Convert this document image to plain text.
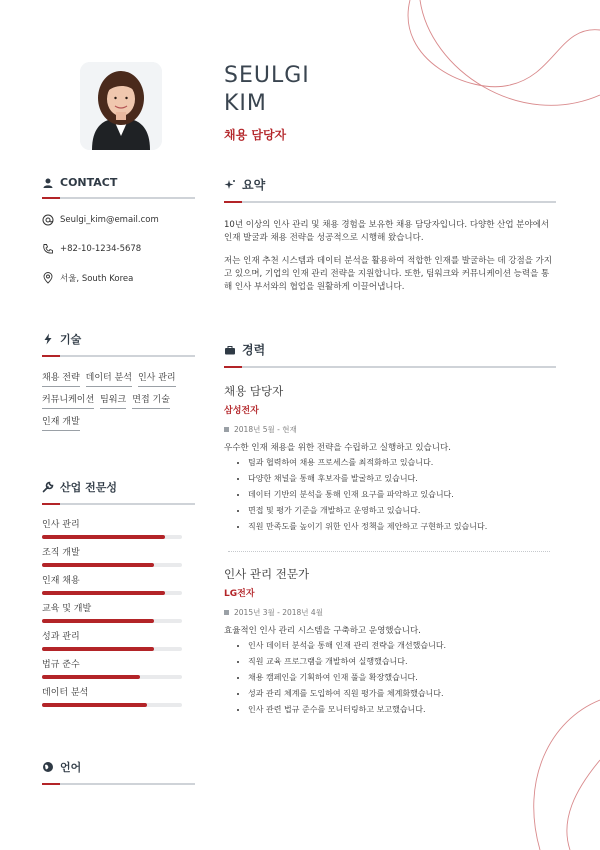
SEULGI
KIM
채용 담당자
CONTACT
Seulgi_kim@email.com
+82-10-1234-5678
서울, South Korea
기술
채용 전략 데이터 분석 인사 관리
커뮤니케이션 팀워크 면접 기술
인재 개발
산업 전문성
인사 관리
조직 개발
인재 채용
교육 및 개발
성과 관리
법규 준수
데이터 분석
언어
요약

10년 이상의 인사 관리 및 채용 경험을 보유한 채용 담당자입니다. 다양한 산업 분야에서 인재 발굴과 채용 전략을 성공적으로 시행해 왔습니다.

저는 인재 추천 시스템과 데이터 분석을 활용하여 적합한 인재를 발굴하는 데 강점을 가지고 있으며, 기업의 인재 관리 전략을 지원합니다. 또한, 팀워크와 커뮤니케이션 능력을 통해 인사 부서와의 협업을 원활하게 이끌어냅니다.

경력
채용 담당자
삼성전자
2018년 5월 - 현재
우수한 인재 채용을 위한 전략을 수립하고 실행하고 있습니다.
• 팀과 협력하여 채용 프로세스를 최적화하고 있습니다.
• 다양한 채널을 통해 후보자를 발굴하고 있습니다.
• 데이터 기반의 분석을 통해 인재 요구를 파악하고 있습니다.
• 면접 및 평가 기준을 개발하고 운영하고 있습니다.
• 직원 만족도를 높이기 위한 인사 정책을 제안하고 구현하고 있습니다.
인사 관리 전문가
LG전자
2015년 3월 - 2018년 4월
효율적인 인사 관리 시스템을 구축하고 운영했습니다.
• 인사 데이터 분석을 통해 인재 관리 전략을 개선했습니다.
• 직원 교육 프로그램을 개발하여 실행했습니다.
• 채용 캠페인을 기획하여 인재 풀을 확장했습니다.
• 성과 관리 체계를 도입하여 직원 평가를 체계화했습니다.
• 인사 관련 법규 준수를 모니터링하고 보고했습니다.
